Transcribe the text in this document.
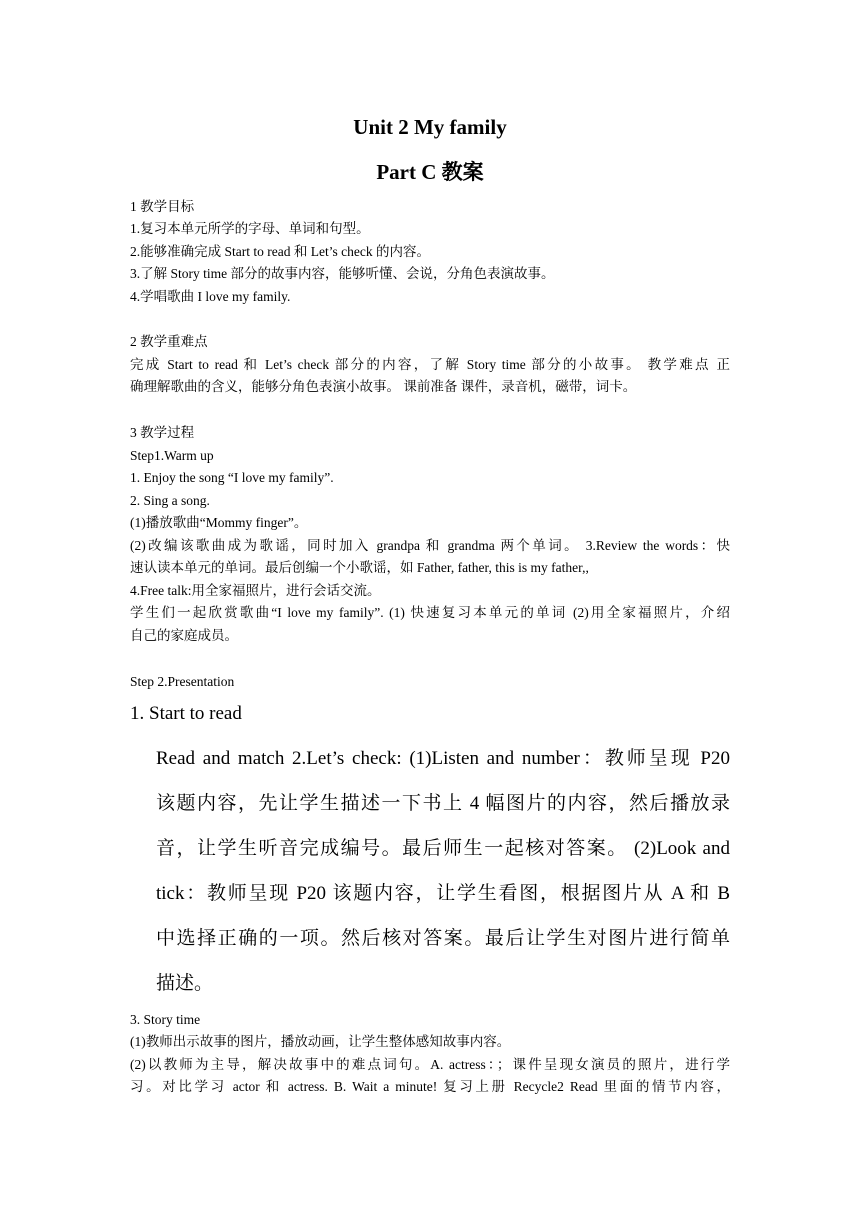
Unit 2 My family
Part C 教案
1 教学目标
1.复习本单元所学的字母、单词和句型。
2.能够准确完成 Start to read 和 Let’s check 的内容。
3.了解 Story time 部分的故事内容，能够听懂、会说，分角色表演故事。
4.学唱歌曲 I love my family.
2 教学重难点
完成 Start to read 和 Let’s check 部分的内容，了解 Story time 部分的小故事。 教学难点 正
确理解歌曲的含义，能够分角色表演小故事。 课前准备 课件，录音机，磁带，词卡。
3 教学过程
Step1.Warm up
1. Enjoy the song “I love my family”.
2. Sing a song.
(1)播放歌曲“Mommy finger”。
(2)改编该歌曲成为歌谣，同时加入 grandpa 和 grandma 两个单词。 3.Review the words：快
速认读本单元的单词。最后创编一个小歌谣，如 Father, father, this is my father,,
4.Free talk:用全家福照片，进行会话交流。
学生们一起欣赏歌曲“I love my family”. (1) 快速复习本单元的单词 (2)用全家福照片，介绍
自己的家庭成员。
Step 2.Presentation
1. Start to read
Read and match 2.Let’s check: (1)Listen and number：教师呈现 P20
该题内容，先让学生描述一下书上 4 幅图片的内容，然后播放录
音，让学生听音完成编号。最后师生一起核对答案。 (2)Look and
tick：教师呈现 P20 该题内容，让学生看图，根据图片从 A 和 B
中选择正确的一项。然后核对答案。最后让学生对图片进行简单
描述。
3. Story time
(1)教师出示故事的图片，播放动画，让学生整体感知故事内容。
(2)以教师为主导，解决故事中的难点词句。A. actress：；课件呈现女演员的照片，进行学
习。对比学习 actor 和 actress. B. Wait a minute! 复习上册 Recycle2 Read 里面的情节内容，
